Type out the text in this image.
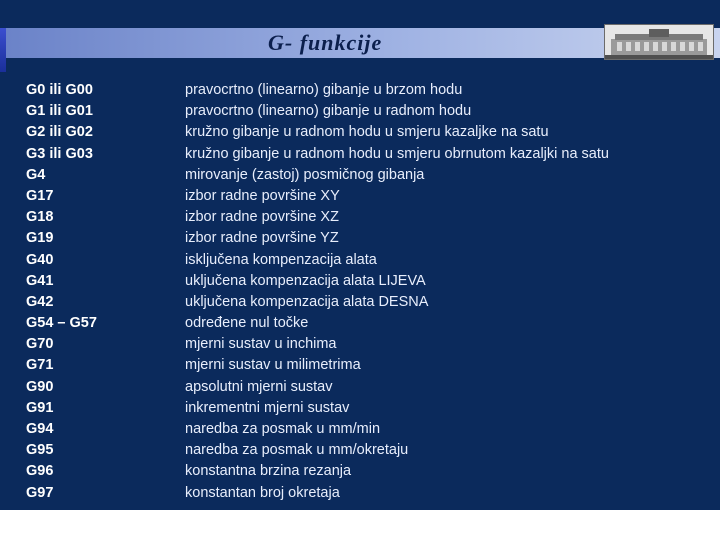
G- funkcije
G0 ili G00	pravocrtno (linearno) gibanje u brzom hodu
G1 ili G01	pravocrtno (linearno) gibanje u radnom hodu
G2 ili G02	kružno gibanje u radnom hodu u smjeru kazaljke na satu
G3 ili G03	kružno gibanje u radnom hodu u smjeru obrnutom kazaljki na satu
G4	mirovanje (zastoj) posmičnog gibanja
G17	izbor radne površine XY
G18	izbor radne površine XZ
G19	izbor radne površine YZ
G40	isključena kompenzacija alata
G41	uključena kompenzacija alata LIJEVA
G42	uključena kompenzacija alata DESNA
G54 – G57	određene nul točke
G70	mjerni sustav u inchima
G71	mjerni sustav u milimetrima
G90	apsolutni mjerni sustav
G91	inkrementni mjerni sustav
G94	naredba za posmak u mm/min
G95	naredba za posmak u mm/okretaju
G96	konstantna brzina rezanja
G97	konstantan broj okretaja
